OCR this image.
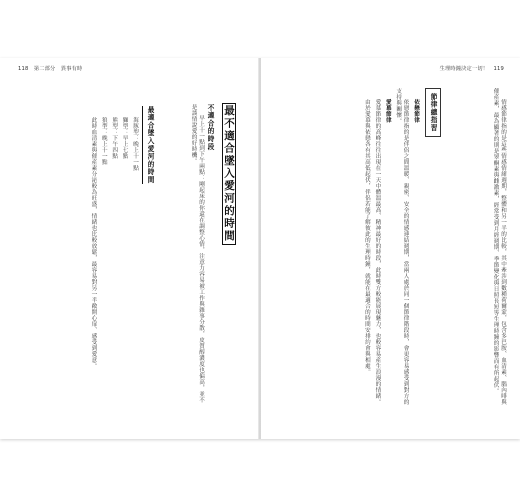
118　第二部分　異事有時
最不適合墜入愛河的時間
不適合的時段
早上十一點到下午兩點：剛起床的你還在調整心情，注意力容易被工作與雜事分散，皮質醇濃度也偏高，並不是談情說愛的好時機。
最適合墜入愛河的時間
海豚型：晚上十一點
獅型：早上七點
熊型：下午四點
狼型：晚上十一點
此時血清素與催產素分泌較為旺盛，情緒也比較放鬆，最容易對另一半敞開心扉、感受到愛意。
生理時鐘決定一切！　119
情感節律指的是這些情感情緒週期，整體和另一半的比較，其中牽涉到數種荷爾蒙，包含多巴胺、血清素、腦內啡與催產素，最為顯著的則是睪酮素與雌激素，經常受到月經週期、季節變化與日照長短等生理時鐘的影響而有所起伏。
節律總指習
依戀節律
依戀節律指的是伴侶之間溫暖、親密、安全的情感連結週期，當兩人處於同一個節律階段時，會更容易感受到對方的支持與關懷。
愛慕節律
愛慕節律的高峰往往出現在一天中體溫最高、精神最好的時段，此時雙方較能展現魅力，也較容易產生浪漫的情緒。
由於愛慕與依戀各有其高低起伏，伴侶若能了解彼此的生理時鐘，就能在最適合的時間安排約會與相處。
